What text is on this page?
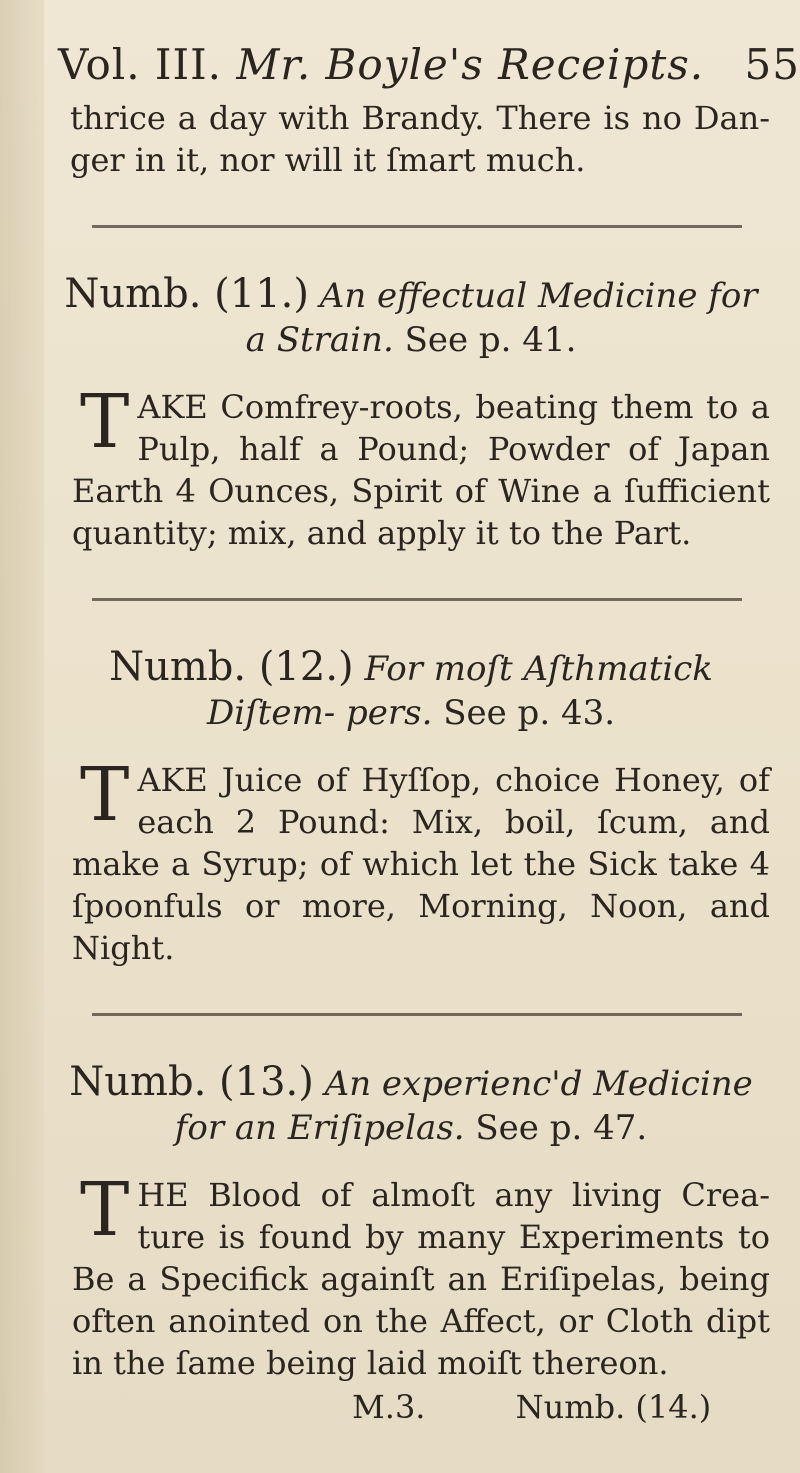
Vol. III. Mr. Boyle's Receipts. 55

thrice a day with Brandy. There is no Dan- ger in it, nor will it ſmart much.

Numb. (11.) An effectual Medicine for a Strain. See p. 41.

T AKE Comfrey-roots, beating them to a Pulp, half a Pound; Powder of Japan Earth 4 Ounces, Spirit of Wine a ſufficient quantity; mix, and apply it to the Part.

Numb. (12.) For moſt Aſthmatick Diſtem- pers. See p. 43.

T AKE Juice of Hyſſop, choice Honey, of each 2 Pound: Mix, boil, ſcum, and make a Syrup; of which let the Sick take 4 ſpoonfuls or more, Morning, Noon, and Night.

Numb. (13.) An experienc'd Medicine for an Eriſipelas. See p. 47.

T HE Blood of almoſt any living Crea- ture is found by many Experiments to Be a Specifick againſt an Eriſipelas, being often anointed on the Affect, or Cloth dipt in the ſame being laid moiſt thereon.

M.3.	Numb. (14.)
